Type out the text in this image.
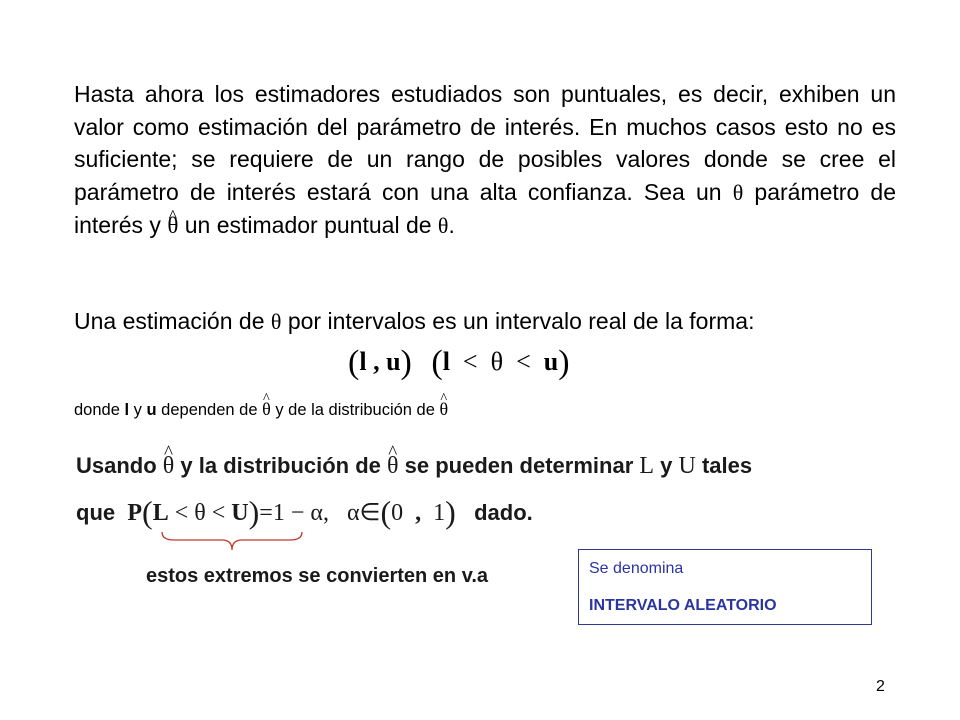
Hasta ahora los estimadores estudiados son puntuales, es decir, exhiben un valor como estimación del parámetro de interés. En muchos casos esto no es suficiente; se requiere de un rango de posibles valores donde se cree el parámetro de interés estará con una alta confianza. Sea un θ parámetro de interés y ^ θ un estimador puntual de θ.

Una estimación de θ por intervalos es un intervalo real de la forma:

(l , u) (l < θ < u)
donde l y u dependen de ^ θ y de la distribución de ^ θ
Usando ^ θ y la distribución de ^ θ se pueden determinar L y U tales
que  P(L < θ < U)=1 − α, α∈(0  ,  1) dado.
estos extremos se convierten en v.a	Se denomina
INTERVALO ALEATORIO
2
